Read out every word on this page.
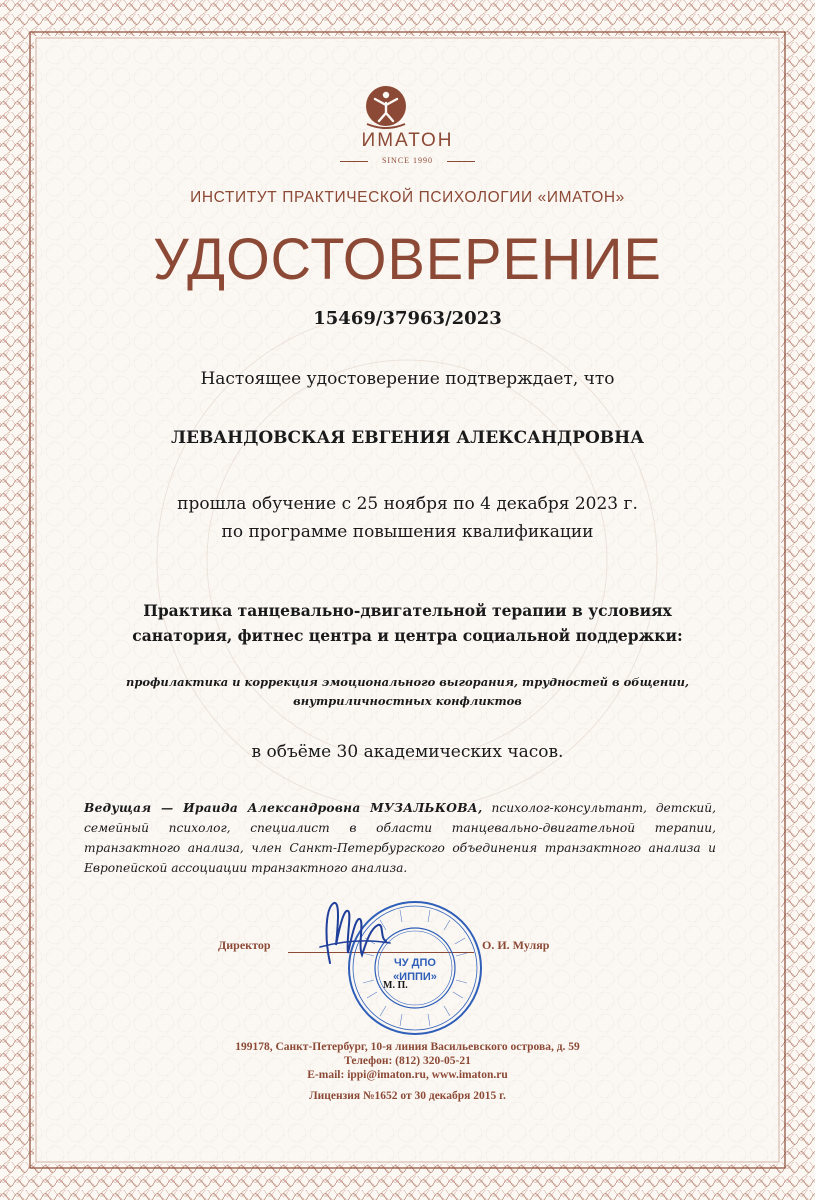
ИМАТОН
SINCE 1990
ИНСТИТУТ ПРАКТИЧЕСКОЙ ПСИХОЛОГИИ «ИМАТОН»
УДОСТОВЕРЕНИЕ
15469/37963/2023
Настоящее удостоверение подтверждает, что
ЛЕВАНДОВСКАЯ ЕВГЕНИЯ АЛЕКСАНДРОВНА
прошла обучение с 25 ноября по 4 декабря 2023 г.
по программе повышения квалификации
Практика танцевально-двигательной терапии в условиях
санатория, фитнес центра и центра социальной поддержки:
профилактика и коррекция эмоционального выгорания, трудностей в общении,
внутриличностных конфликтов
в объёме 30 академических часов.
Ведущая — Ираида Александровна МУЗАЛЬКОВА, психолог-консультант, детский, семейный психолог, специалист в области танцевально-двигательной терапии, транзактного анализа, член Санкт-Петербургского объединения транзактного анализа и Европейской ассоциации транзактного анализа.
Директор	О. И. Муляр
ЧУ ДПО
«ИППИ»
М. П.
199178, Санкт-Петербург, 10-я линия Васильевского острова, д. 59
Телефон: (812) 320-05-21
E-mail: ippi@imaton.ru, www.imaton.ru
Лицензия №1652 от 30 декабря 2015 г.
